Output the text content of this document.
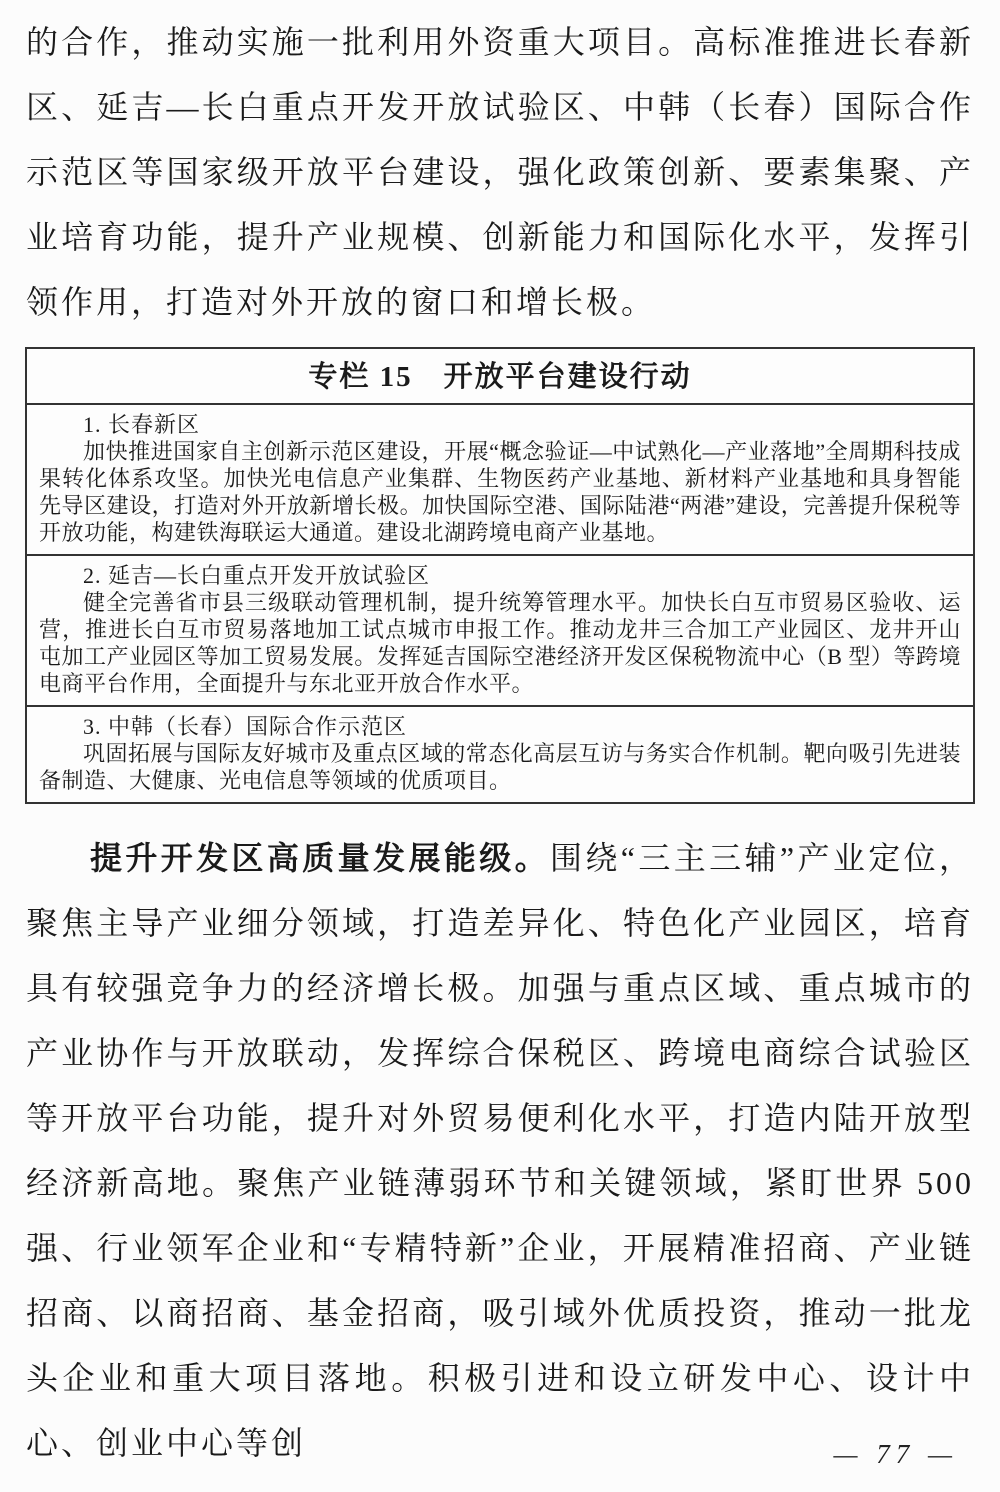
的合作，推动实施一批利用外资重大项目。高标准推进长春新区、延吉—长白重点开发开放试验区、中韩（长春）国际合作示范区等国家级开放平台建设，强化政策创新、要素集聚、产业培育功能，提升产业规模、创新能力和国际化水平，发挥引领作用，打造对外开放的窗口和增长极。

专栏 15　开放平台建设行动
1. 长春新区
加快推进国家自主创新示范区建设，开展“概念验证—中试熟化—产业落地”全周期科技成果转化体系攻坚。加快光电信息产业集群、生物医药产业基地、新材料产业基地和具身智能先导区建设，打造对外开放新增长极。加快国际空港、国际陆港“两港”建设，完善提升保税等开放功能，构建铁海联运大通道。建设北湖跨境电商产业基地。
2. 延吉—长白重点开发开放试验区
健全完善省市县三级联动管理机制，提升统筹管理水平。加快长白互市贸易区验收、运营，推进长白互市贸易落地加工试点城市申报工作。推动龙井三合加工产业园区、龙井开山屯加工产业园区等加工贸易发展。发挥延吉国际空港经济开发区保税物流中心（B 型）等跨境电商平台作用，全面提升与东北亚开放合作水平。
3. 中韩（长春）国际合作示范区
巩固拓展与国际友好城市及重点区域的常态化高层互访与务实合作机制。靶向吸引先进装备制造、大健康、光电信息等领域的优质项目。

提升开发区高质量发展能级。围绕“三主三辅”产业定位，聚焦主导产业细分领域，打造差异化、特色化产业园区，培育具有较强竞争力的经济增长极。加强与重点区域、重点城市的产业协作与开放联动，发挥综合保税区、跨境电商综合试验区等开放平台功能，提升对外贸易便利化水平，打造内陆开放型经济新高地。聚焦产业链薄弱环节和关键领域，紧盯世界 500 强、行业领军企业和“专精特新”企业，开展精准招商、产业链招商、以商招商、基金招商，吸引域外优质投资，推动一批龙头企业和重大项目落地。积极引进和设立研发中心、设计中心、创业中心等创	— 77 —
